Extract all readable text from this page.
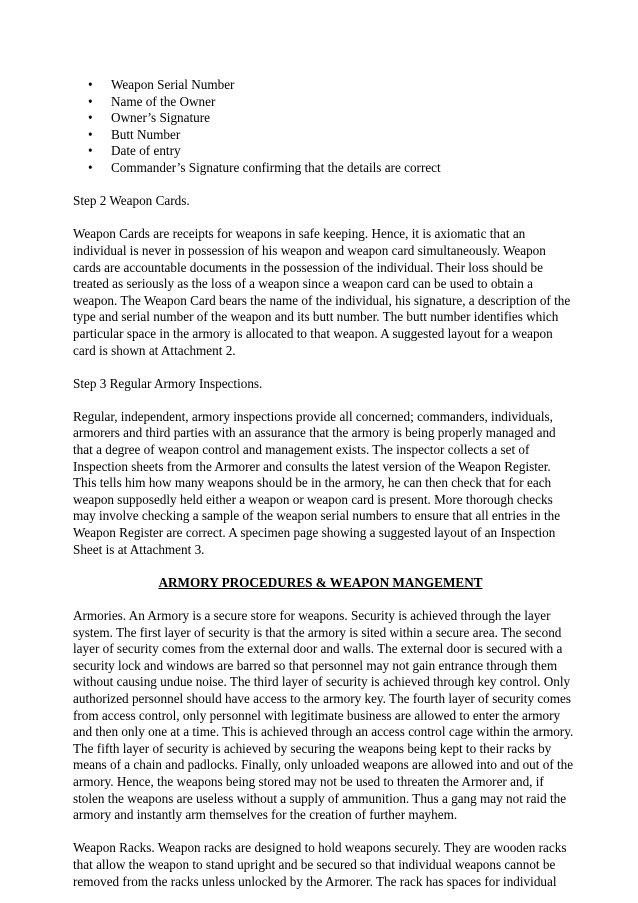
• Weapon Serial Number
• Name of the Owner
• Owner’s Signature
• Butt Number
• Date of entry
• Commander’s Signature confirming that the details are correct

Step 2 Weapon Cards.

Weapon Cards are receipts for weapons in safe keeping. Hence, it is axiomatic that an
individual is never in possession of his weapon and weapon card simultaneously. Weapon
cards are accountable documents in the possession of the individual. Their loss should be
treated as seriously as the loss of a weapon since a weapon card can be used to obtain a
weapon. The Weapon Card bears the name of the individual, his signature, a description of the
type and serial number of the weapon and its butt number. The butt number identifies which
particular space in the armory is allocated to that weapon. A suggested layout for a weapon
card is shown at Attachment 2.

Step 3 Regular Armory Inspections.

Regular, independent, armory inspections provide all concerned; commanders, individuals,
armorers and third parties with an assurance that the armory is being properly managed and
that a degree of weapon control and management exists. The inspector collects a set of
Inspection sheets from the Armorer and consults the latest version of the Weapon Register.
This tells him how many weapons should be in the armory, he can then check that for each
weapon supposedly held either a weapon or weapon card is present. More thorough checks
may involve checking a sample of the weapon serial numbers to ensure that all entries in the
Weapon Register are correct. A specimen page showing a suggested layout of an Inspection
Sheet is at Attachment 3.

ARMORY PROCEDURES & WEAPON MANGEMENT

Armories. An Armory is a secure store for weapons. Security is achieved through the layer
system. The first layer of security is that the armory is sited within a secure area. The second
layer of security comes from the external door and walls. The external door is secured with a
security lock and windows are barred so that personnel may not gain entrance through them
without causing undue noise. The third layer of security is achieved through key control. Only
authorized personnel should have access to the armory key. The fourth layer of security comes
from access control, only personnel with legitimate business are allowed to enter the armory
and then only one at a time. This is achieved through an access control cage within the armory.
The fifth layer of security is achieved by securing the weapons being kept to their racks by
means of a chain and padlocks. Finally, only unloaded weapons are allowed into and out of the
armory. Hence, the weapons being stored may not be used to threaten the Armorer and, if
stolen the weapons are useless without a supply of ammunition. Thus a gang may not raid the
armory and instantly arm themselves for the creation of further mayhem.

Weapon Racks. Weapon racks are designed to hold weapons securely. They are wooden racks
that allow the weapon to stand upright and be secured so that individual weapons cannot be
removed from the racks unless unlocked by the Armorer. The rack has spaces for individual
